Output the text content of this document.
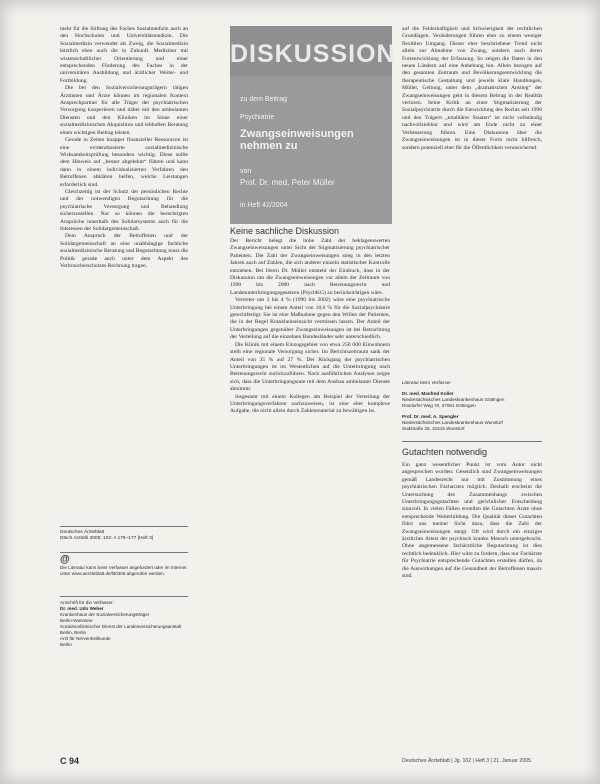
mehr für die Stiftung des Faches Sozialmedizin auch an den Hochschulen und Universitätsmedizin. Die Sozialmedizin verwendet als Zweig, die Sozialmedizin letztlich eben auch die in Zukunft. Mediziner mit wissenschaftlicher Orientierung und einer entsprechenden Förderung des Faches in der universitären Ausbildung und ärztlicher Weiter- und Fortbildung.

Die bei den Sozialversicherungsträgern tätigen Ärztinnen und Ärzte können im regionalen Kontext Ansprechpartner für alle Träger der psychiatrischen Versorgung kooperieren und dabei mit den ambulanten Diensten und den Kliniken im Sinne einer sozialmedizinischen Akquisition und lebhaften Beratung einen wichtigen Beitrag leisten.

Gerade in Zeiten knapper finanzieller Ressourcen ist eine evidenzbasierte sozialmedizinische Wirksamkeitsprüfung besonders wichtig. Diese sollte dem Hinweis auf „besser abgelehnt“ führen und kann dann in einem individualisierten Verfahren den Betroffenen abklären helfen, welche Leistungen erforderlich sind.

Gleichzeitig ist der Schutz der persönlichen Rechte und der notwendigen Begutachtung für die psychiatrische Versorgung und Behandlung sicherzustellen. Nur so können die berechtigten Ansprüche innerhalb des Solidarsystems auch für die Interessen der Solidargemeinschaft.

Dem Anspruch der Betroffenen und der Solidargemeinschaft an eine unabhängige fachliche sozialmedizinische Beratung und Begutachtung muss die Politik gerade auch unter dem Aspekt des Verbraucherschutzes Rechnung tragen.

Deutsches Ärzteblatt
Dtsch Arztebl 2005; 102: A 176–177 [Heft 3]
@
Die Literatur kann beim Verfasser angefordert oder im Internet unter www.aerzteblatt.de/lit0305 abgerufen werden.
Anschrift für die Verfasser:
Dr. med. Udo Weber
Krankenhaus der Sozialversicherungsträger
Berlin-Wannsee
Sozialmedizinischer Dienst der Landesversicherungsanstalt
Berlin, Berlin
Arzt für Nervenheilkunde
Berlin
DISKUSSION
zu dem Beitrag
Psychiatrie
Zwangseinweisungen nehmen zu
von
Prof. Dr. med. Peter Müller
in Heft 42/2004
Keine sachliche Diskussion

Der Bericht belegt die hohe Zahl der beklagenswerten Zwangseinweisungen unter Sicht der Stigmatisierung psychiatrischer Patienten. Die Zahl der Zwangseinweisungen stieg in den letzten Jahren auch auf Zahlen, die sich anderer einzeln statistischer Kontrolle entziehen. Bei Herrn Dr. Müller entsteht der Eindruck, dass in der Diskussion um die Zwangseinweisungen vor allem der Zeitraum von 1990 bis 2000 nach Betreuungsrecht und Landesunterbringungsgesetzen (PsychKG) zu berücksichtigen wäre.

Vertreter um 3 bis 4 % (1990 bis 2002) wäre eine psychiatrische Unterbringung bei einem Anteil von 18,6 % für die Sozialpsychiatrie gerechtfertigt. Sie ist eine Maßnahme gegen den Willen der Patienten, die in der Regel Krankheitseinsicht vermissen lassen. Der Anteil der Unterbringungen gegenüber Zwangseinweisungen ist bei Betrachtung der Verteilung auf die einzelnen Bundesländer sehr unterschiedlich.

Die Klinik mit einem Einzugsgebiet von etwa 250 000 Einwohnern stellt eine regionale Versorgung sicher. Im Berichtszeitraum sank der Anteil von 35 % auf 27 %. Der Rückgang der psychiatrischen Unterbringungen ist im Wesentlichen auf die Unterbringung nach Betreuungsrecht zurückzuführen. Nach ausführlichen Analysen zeigte sich, dass die Unterbringungsrate mit dem Ausbau ambulanter Dienste abnimmt.

Insgesamt mit einem Kollegen am Beispiel der Verteilung der Unterbringungsverfahren nachzuweisen, ist eine eher komplexe Aufgabe, die nicht allein durch Zahlenmaterial zu bewältigen ist.

auf die Fehlerhaftigkeit und Schwierigkeit der rechtlichen Grundlagen. Veränderungen führen eher zu einem weniger flexiblen Umgang. Dieser eher beschriebene Trend nicht allein zur Abnahme von Zwang, sondern auch deren Fortentwicklung der Erfassung. So zeigen die Daten in den neuen Ländern auf eine Anhebung hin. Allein bezogen auf den gesamten Zeitraum und Bevölkerungsentwicklung die therapeutische Gestaltung und jeweils klare Handlungen, Müller, Geltung, unter dem „dramatischen Anstieg“ der Zwangseinweisungen geht in diesem Beitrag in der Realität verloren. Seine Kritik an einer Stigmatisierung der Sozialpsychiatrie durch die Entwicklung des Rechts seit 1990 und den Trägern „totalitärer Staaten“ ist nicht vollständig nachvollziehbar und wird am Ende nicht zu einer Verbesserung führen. Eine Diskussion über die Zwangseinweisungen ist in dieser Form nicht hilfreich, sondern potenziell eher für die Öffentlichkeit verunsichernd.

Literatur beim Verfasser
Dr. med. Manfred Koller
Niedersächsisches Landeskrankenhaus Göttingen
Rosdorfer Weg 70, 37081 Göttingen
Prof. Dr. med. A. Spengler
Niedersächsisches Landeskrankenhaus Wunstorf
Südstraße 25, 31515 Wunstorf
Gutachten notwendig

Ein ganz wesentlicher Punkt ist vom Autor nicht angesprochen worden: Gesetzlich sind Zwangseinweisungen gemäß Landesrecht nur mit Zustimmung eines psychiatrischen Facharztes möglich. Deshalb erscheint die Untersuchung des Zusammenhangs zwischen Unterbringungsgutachten und gerichtlicher Entscheidung sinnvoll. In vielen Fällen erstellen die Gutachten Ärzte ohne entsprechende Weiterbildung. Die Qualität dieser Gutachten führt aus meiner Sicht dazu, dass die Zahl der Zwangseinweisungen steigt. Oft wird durch ein einziges ärztliches Attest der psychisch kranke Mensch untergebracht. Ohne angemessene fachärztliche Begutachtung ist dies rechtlich bedenklich. Hier wäre zu fordern, dass nur Fachärzte für Psychiatrie entsprechende Gutachten erstellen dürfen, da die Auswirkungen auf die Gesundheit der Betroffenen massiv sind.

C 94	Deutsches Ärzteblatt | Jg. 102 | Heft 3 | 21. Januar 2005
